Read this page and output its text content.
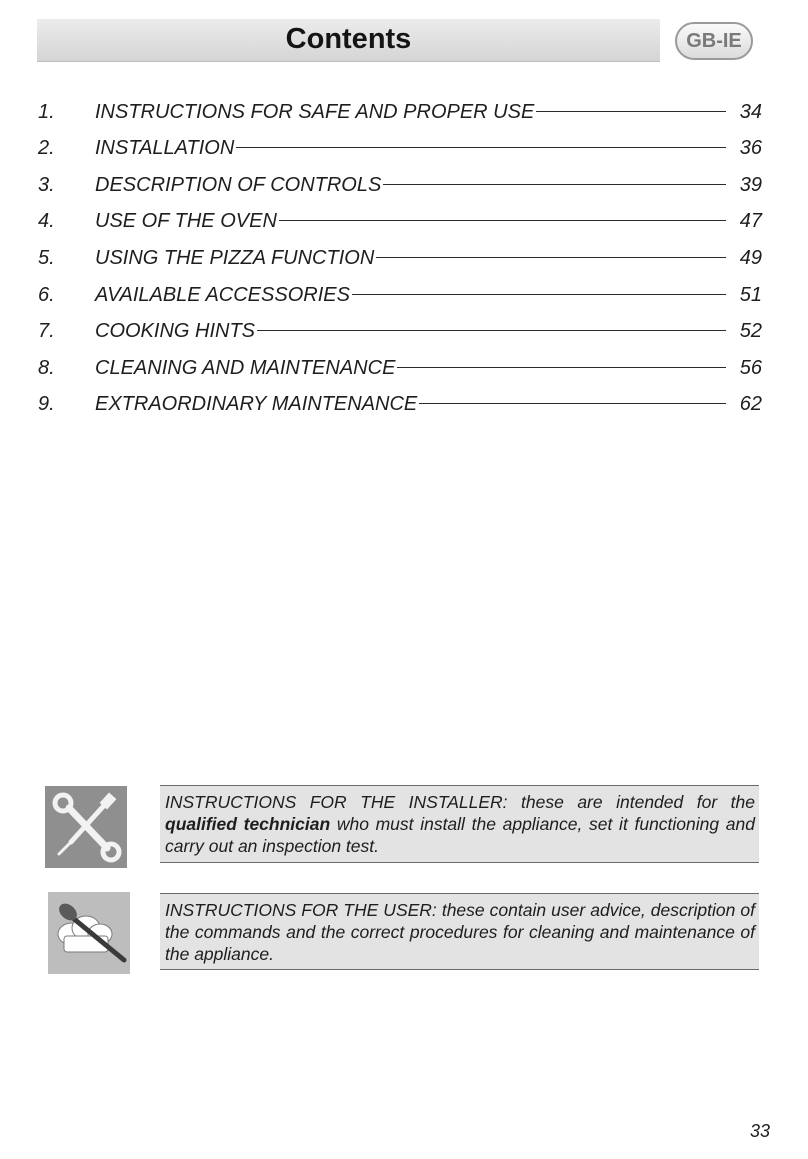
Contents	GB-IE
1. INSTRUCTIONS FOR SAFE AND PROPER USE	34
2. INSTALLATION	36
3. DESCRIPTION OF CONTROLS	39
4. USE OF THE OVEN	47
5. USING THE PIZZA FUNCTION	49
6. AVAILABLE ACCESSORIES	51
7. COOKING HINTS	52
8. CLEANING AND MAINTENANCE	56
9. EXTRAORDINARY MAINTENANCE	62
INSTRUCTIONS FOR THE INSTALLER: these are intended for the qualified technician who must install the appliance, set it functioning and carry out an inspection test.
INSTRUCTIONS FOR THE USER: these contain user advice, description of the commands and the correct procedures for cleaning and maintenance of the appliance.
33
